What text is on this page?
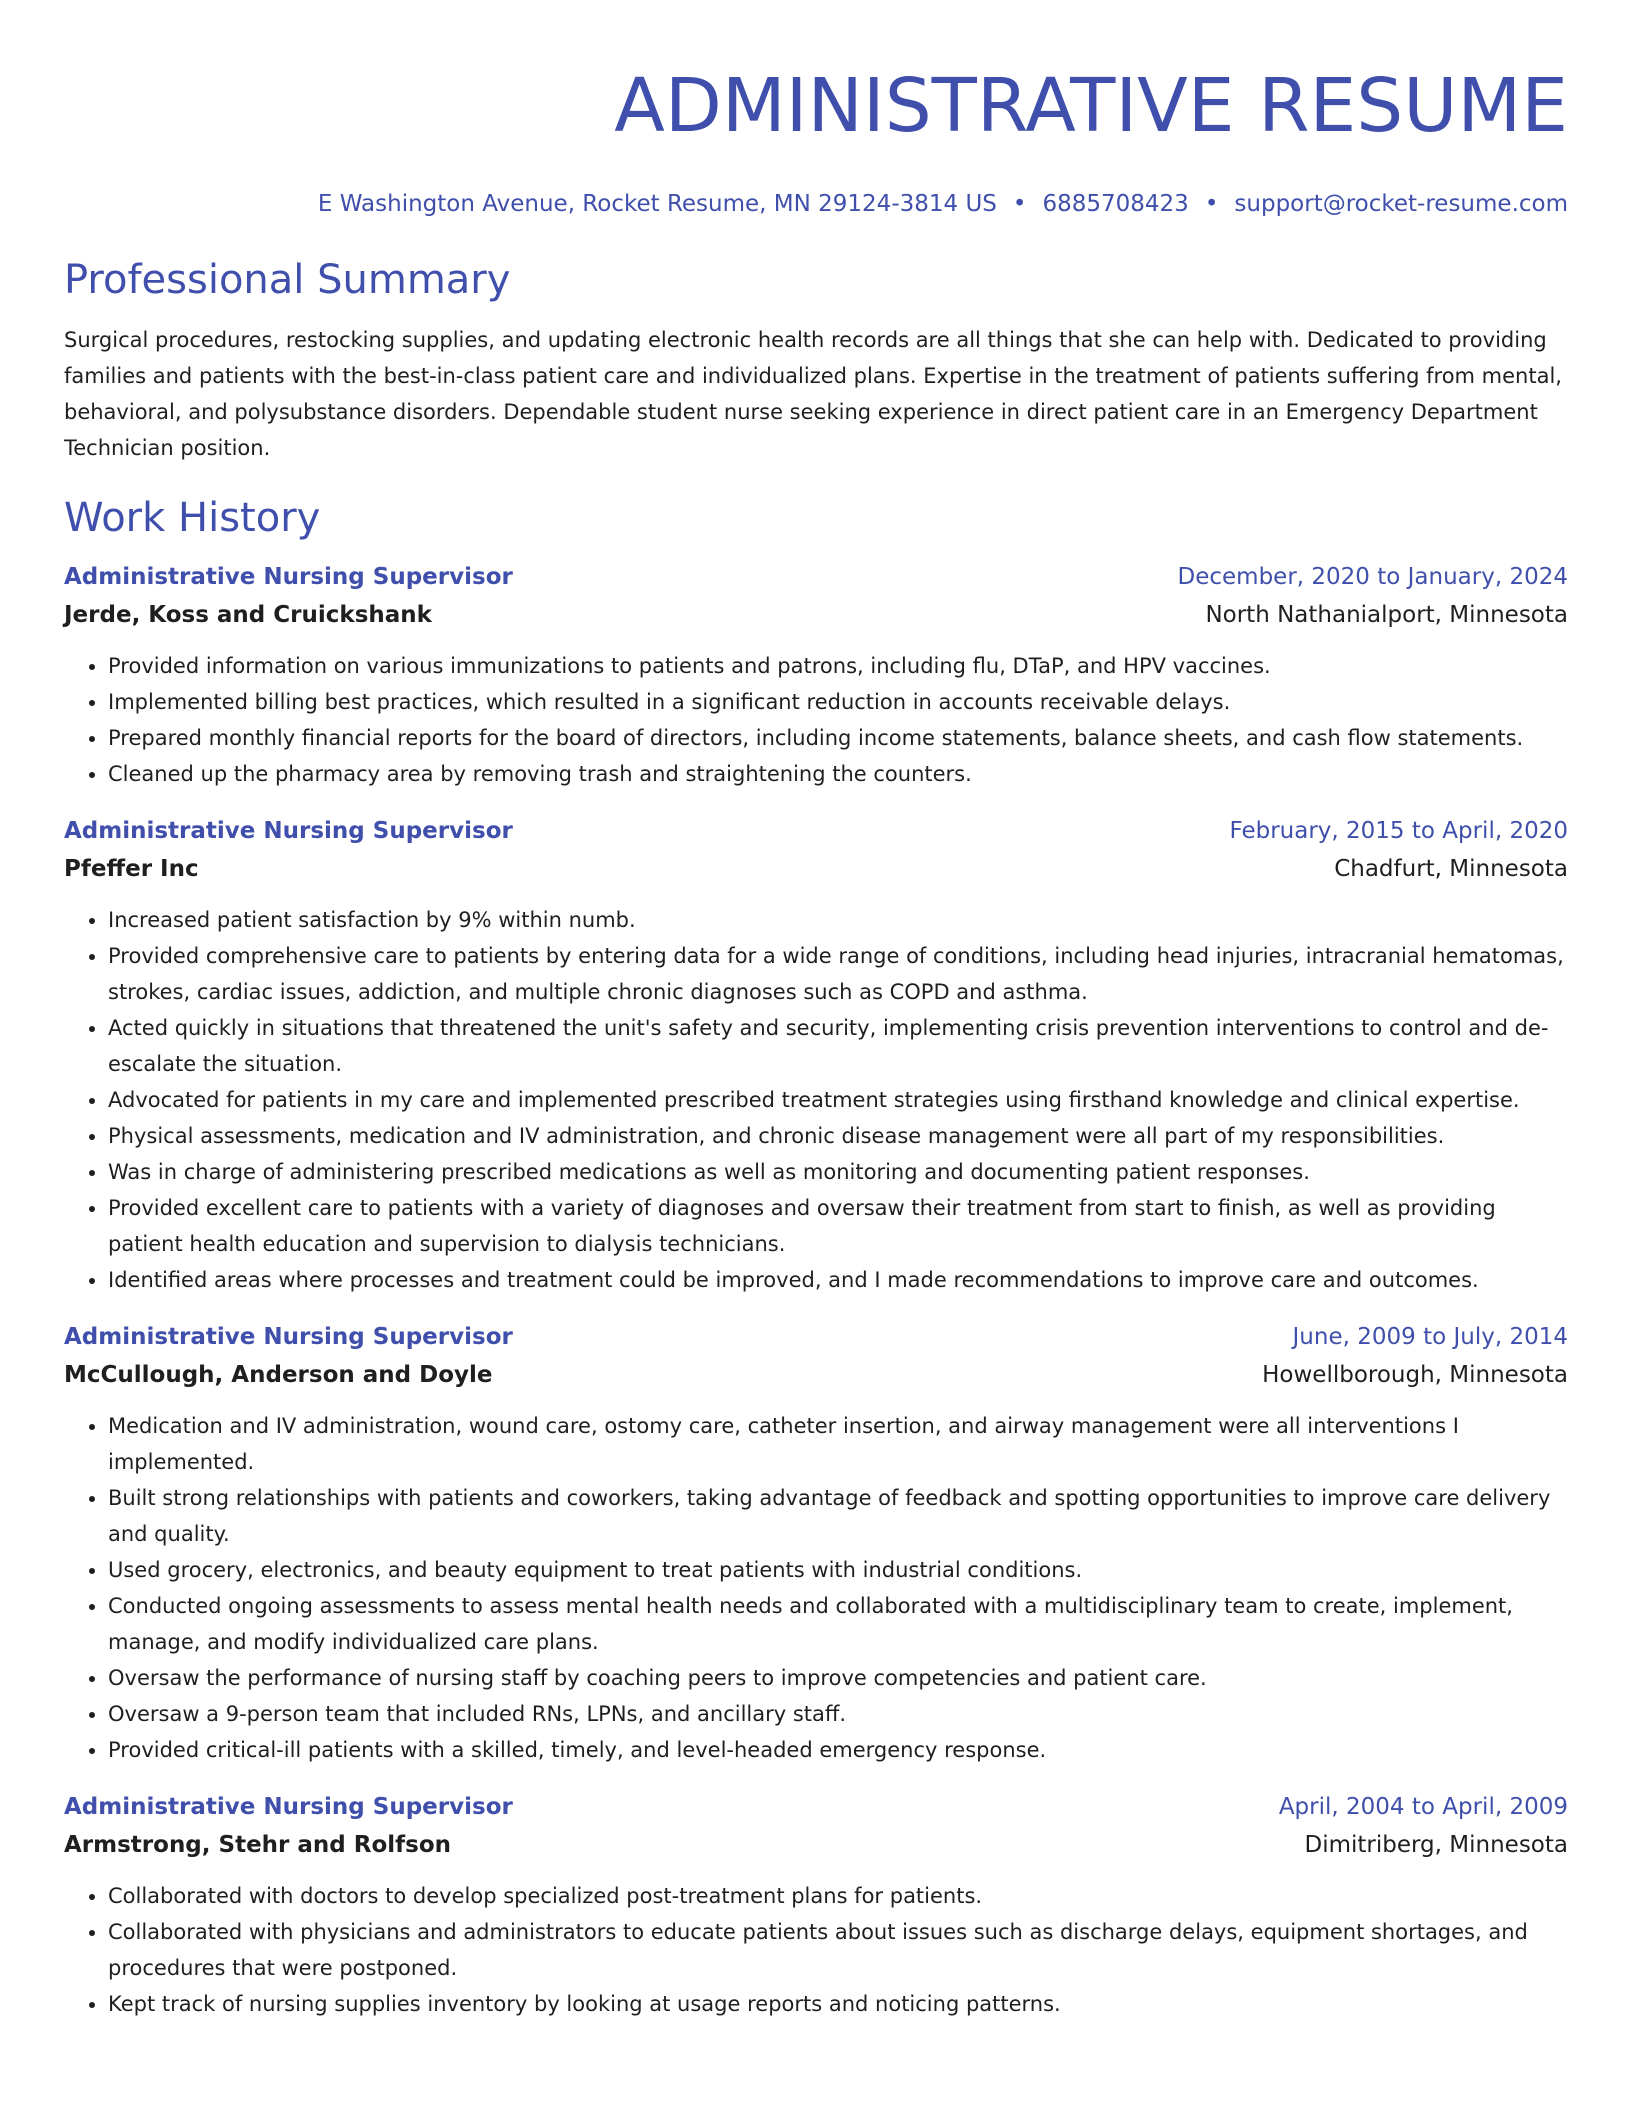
ADMINISTRATIVE RESUME
E Washington Avenue, Rocket Resume, MN 29124-3814 US • 6885708423 • support@rocket-resume.com
Professional Summary
Surgical procedures, restocking supplies, and updating electronic health records are all things that she can help with. Dedicated to providing families and patients with the best-in-class patient care and individualized plans. Expertise in the treatment of patients suffering from mental, behavioral, and polysubstance disorders. Dependable student nurse seeking experience in direct patient care in an Emergency Department Technician position.
Work History
Administrative Nursing Supervisor	December, 2020 to January, 2024
Jerde, Koss and Cruickshank	North Nathanialport, Minnesota
• Provided information on various immunizations to patients and patrons, including flu, DTaP, and HPV vaccines.
• Implemented billing best practices, which resulted in a significant reduction in accounts receivable delays.
• Prepared monthly financial reports for the board of directors, including income statements, balance sheets, and cash flow statements.
• Cleaned up the pharmacy area by removing trash and straightening the counters.
Administrative Nursing Supervisor	February, 2015 to April, 2020
Pfeffer Inc	Chadfurt, Minnesota
• Increased patient satisfaction by 9% within numb.
• Provided comprehensive care to patients by entering data for a wide range of conditions, including head injuries, intracranial hematomas, strokes, cardiac issues, addiction, and multiple chronic diagnoses such as COPD and asthma.
• Acted quickly in situations that threatened the unit's safety and security, implementing crisis prevention interventions to control and de-escalate the situation.
• Advocated for patients in my care and implemented prescribed treatment strategies using firsthand knowledge and clinical expertise.
• Physical assessments, medication and IV administration, and chronic disease management were all part of my responsibilities.
• Was in charge of administering prescribed medications as well as monitoring and documenting patient responses.
• Provided excellent care to patients with a variety of diagnoses and oversaw their treatment from start to finish, as well as providing patient health education and supervision to dialysis technicians.
• Identified areas where processes and treatment could be improved, and I made recommendations to improve care and outcomes.
Administrative Nursing Supervisor	June, 2009 to July, 2014
McCullough, Anderson and Doyle	Howellborough, Minnesota
• Medication and IV administration, wound care, ostomy care, catheter insertion, and airway management were all interventions I implemented.
• Built strong relationships with patients and coworkers, taking advantage of feedback and spotting opportunities to improve care delivery and quality.
• Used grocery, electronics, and beauty equipment to treat patients with industrial conditions.
• Conducted ongoing assessments to assess mental health needs and collaborated with a multidisciplinary team to create, implement, manage, and modify individualized care plans.
• Oversaw the performance of nursing staff by coaching peers to improve competencies and patient care.
• Oversaw a 9-person team that included RNs, LPNs, and ancillary staff.
• Provided critical-ill patients with a skilled, timely, and level-headed emergency response.
Administrative Nursing Supervisor	April, 2004 to April, 2009
Armstrong, Stehr and Rolfson	Dimitriberg, Minnesota
• Collaborated with doctors to develop specialized post-treatment plans for patients.
• Collaborated with physicians and administrators to educate patients about issues such as discharge delays, equipment shortages, and procedures that were postponed.
• Kept track of nursing supplies inventory by looking at usage reports and noticing patterns.
